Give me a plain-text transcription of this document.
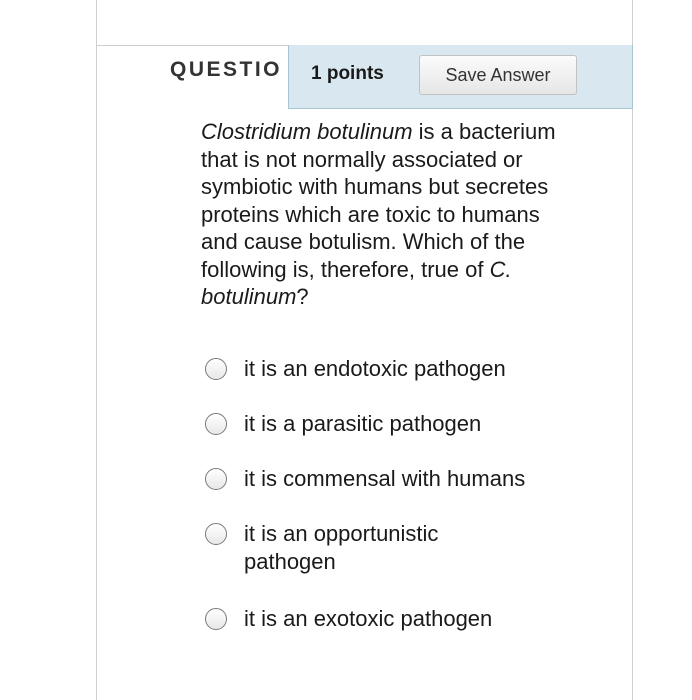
QUESTIO	1 points	Save Answer
Clostridium botulinum is a bacterium that is not normally associated or symbiotic with humans but secretes proteins which are toxic to humans and cause botulism. Which of the following is, therefore, true of C. botulinum?
it is an endotoxic pathogen
it is a parasitic pathogen
it is commensal with humans
it is an opportunistic pathogen
it is an exotoxic pathogen
